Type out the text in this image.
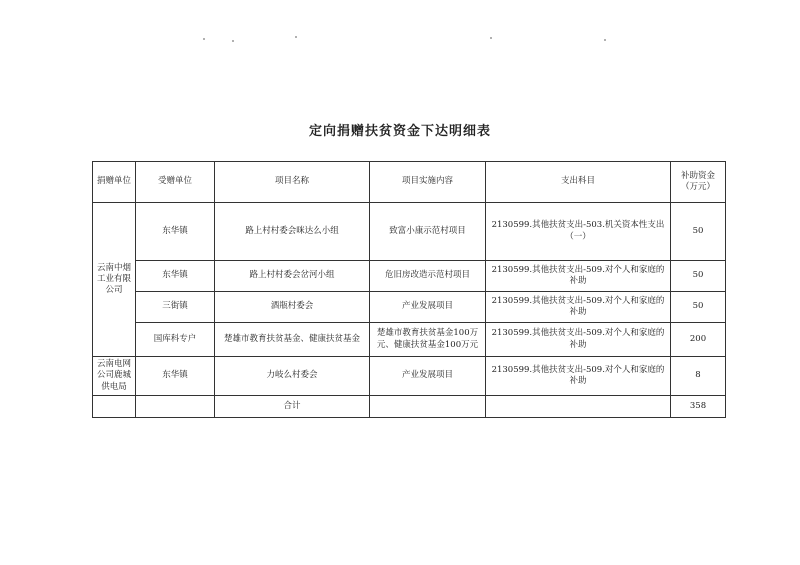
定向捐赠扶贫资金下达明细表
捐赠单位	受赠单位	项目名称	项目实施内容	支出科目	补助资金（万元）
云南中烟工业有限公司	东华镇	路上村村委会咪达么小组	致富小康示范村项目	2130599.其他扶贫支出-503.机关资本性支出（一）	50
	东华镇	路上村村委会岔河小组	危旧房改造示范村项目	2130599.其他扶贫支出-509.对个人和家庭的补助	50
	三街镇	酒瓶村委会	产业发展项目	2130599.其他扶贫支出-509.对个人和家庭的补助	50
	国库科专户	楚雄市教育扶贫基金、健康扶贫基金	楚雄市教育扶贫基金100万元、健康扶贫基金100万元	2130599.其他扶贫支出-509.对个人和家庭的补助	200
云南电网公司鹿城供电局	东华镇	力岐么村委会	产业发展项目	2130599.其他扶贫支出-509.对个人和家庭的补助	8
		合计			358
